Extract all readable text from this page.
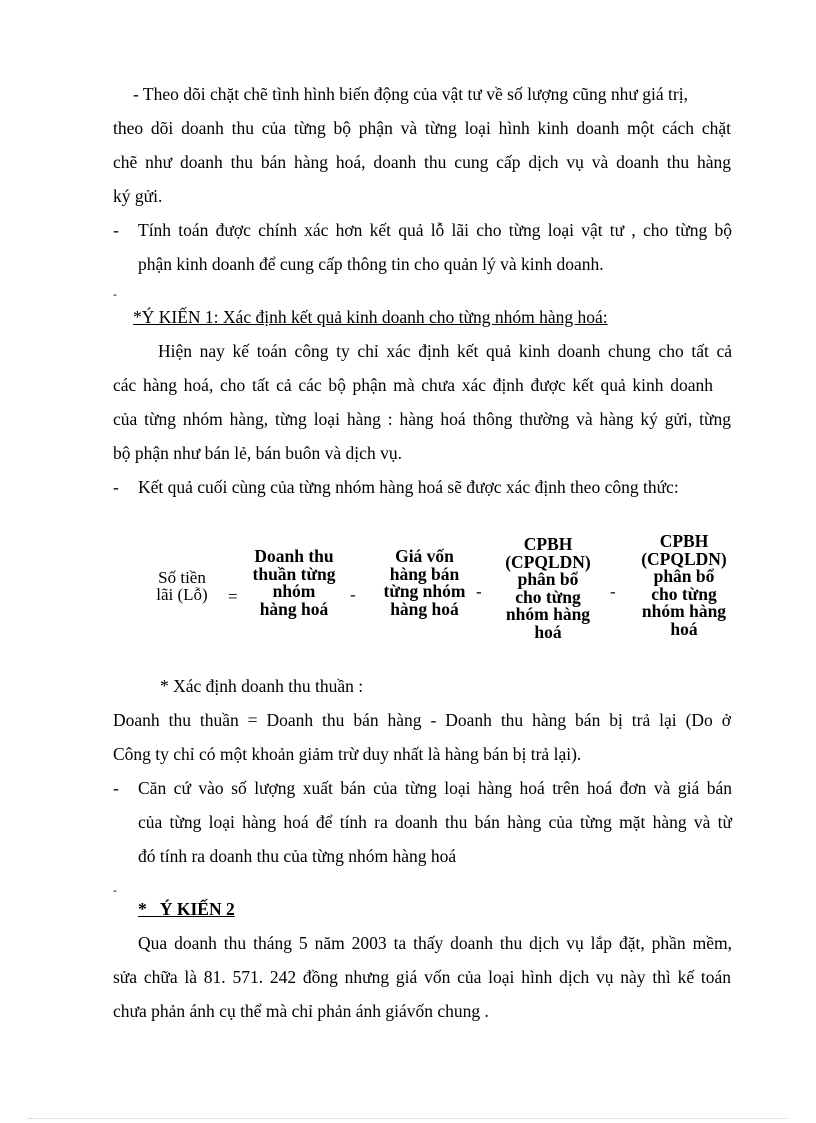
- Theo dõi chặt chẽ tình hình biến động của vật tư về số lượng cũng như giá trị,
theo dõi doanh thu của từng bộ phận và từng loại hình kinh doanh một cách chặt
chẽ như doanh thu bán hàng hoá, doanh thu cung cấp dịch vụ và doanh thu hàng
ký gửi.
- Tính toán được chính xác hơn kết quả lỗ lãi cho từng loại vật tư , cho từng bộ
phận kinh doanh để cung cấp thông tin cho quản lý và kinh doanh.
-
*Ý KIẾN 1: Xác định kết quả kinh doanh cho từng nhóm hàng hoá:
Hiện nay kế toán công ty chỉ xác định kết quả kinh doanh chung cho tất cả
các hàng hoá, cho tất cả các bộ phận mà chưa xác định được kết quả kinh doanh
của từng nhóm hàng, từng loại hàng : hàng hoá thông thường và hàng ký gửi, từng
bộ phận như bán lẻ, bán buôn và dịch vụ.
- Kết quả cuối cùng của từng nhóm hàng hoá sẽ được xác định theo công thức:
Số tiền
lãi (Lỗ)	=
Doanh thu
thuần từng
nhóm
hàng hoá
-
Giá vốn
hàng bán
từng nhóm
hàng hoá
-
CPBH
(CPQLDN)
phân bổ
cho từng
nhóm hàng
hoá
-
CPBH
(CPQLDN)
phân bổ
cho từng
nhóm hàng
hoá
* Xác định doanh thu thuần :
Doanh thu thuần = Doanh thu bán hàng - Doanh thu hàng bán bị trả lại (Do ở
Công ty chỉ có một khoản giảm trừ duy nhất là hàng bán bị trả lại).
- Căn cứ vào số lượng xuất bán của từng loại hàng hoá trên hoá đơn và giá bán
của từng loại hàng hoá để tính ra doanh thu bán hàng của từng mặt hàng và từ
đó tính ra doanh thu của từng nhóm hàng hoá
-
*   Ý KIẾN 2
Qua doanh thu tháng 5 năm 2003 ta thấy doanh thu dịch vụ lắp đặt, phần mềm,
sửa chữa là 81. 571. 242 đồng nhưng giá vốn của loại hình dịch vụ này thì kế toán
chưa phản ánh cụ thể mà chỉ phản ánh giávốn chung .
